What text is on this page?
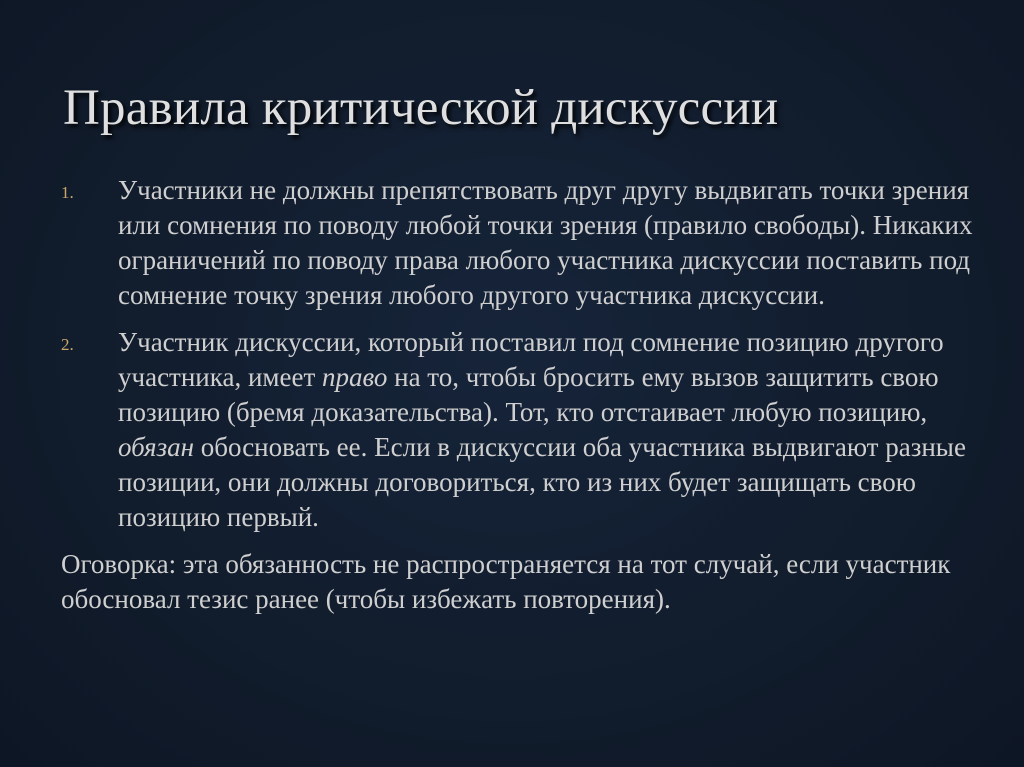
Правила критической дискуссии
1. Участники не должны препятствовать друг другу выдвигать точки зрения или сомнения по поводу любой точки зрения (правило свободы). Никаких ограничений по поводу права любого участника дискуссии поставить под сомнение точку зрения любого другого участника дискуссии.
2. Участник дискуссии, который поставил под сомнение позицию другого участника, имеет право на то, чтобы бросить ему вызов защитить свою позицию (бремя доказательства). Тот, кто отстаивает любую позицию, обязан обосновать ее. Если в дискуссии оба участника выдвигают разные позиции, они должны договориться, кто из них будет защищать свою позицию первый.
Оговорка: эта обязанность не распространяется на тот случай, если участник обосновал тезис ранее (чтобы избежать повторения).
